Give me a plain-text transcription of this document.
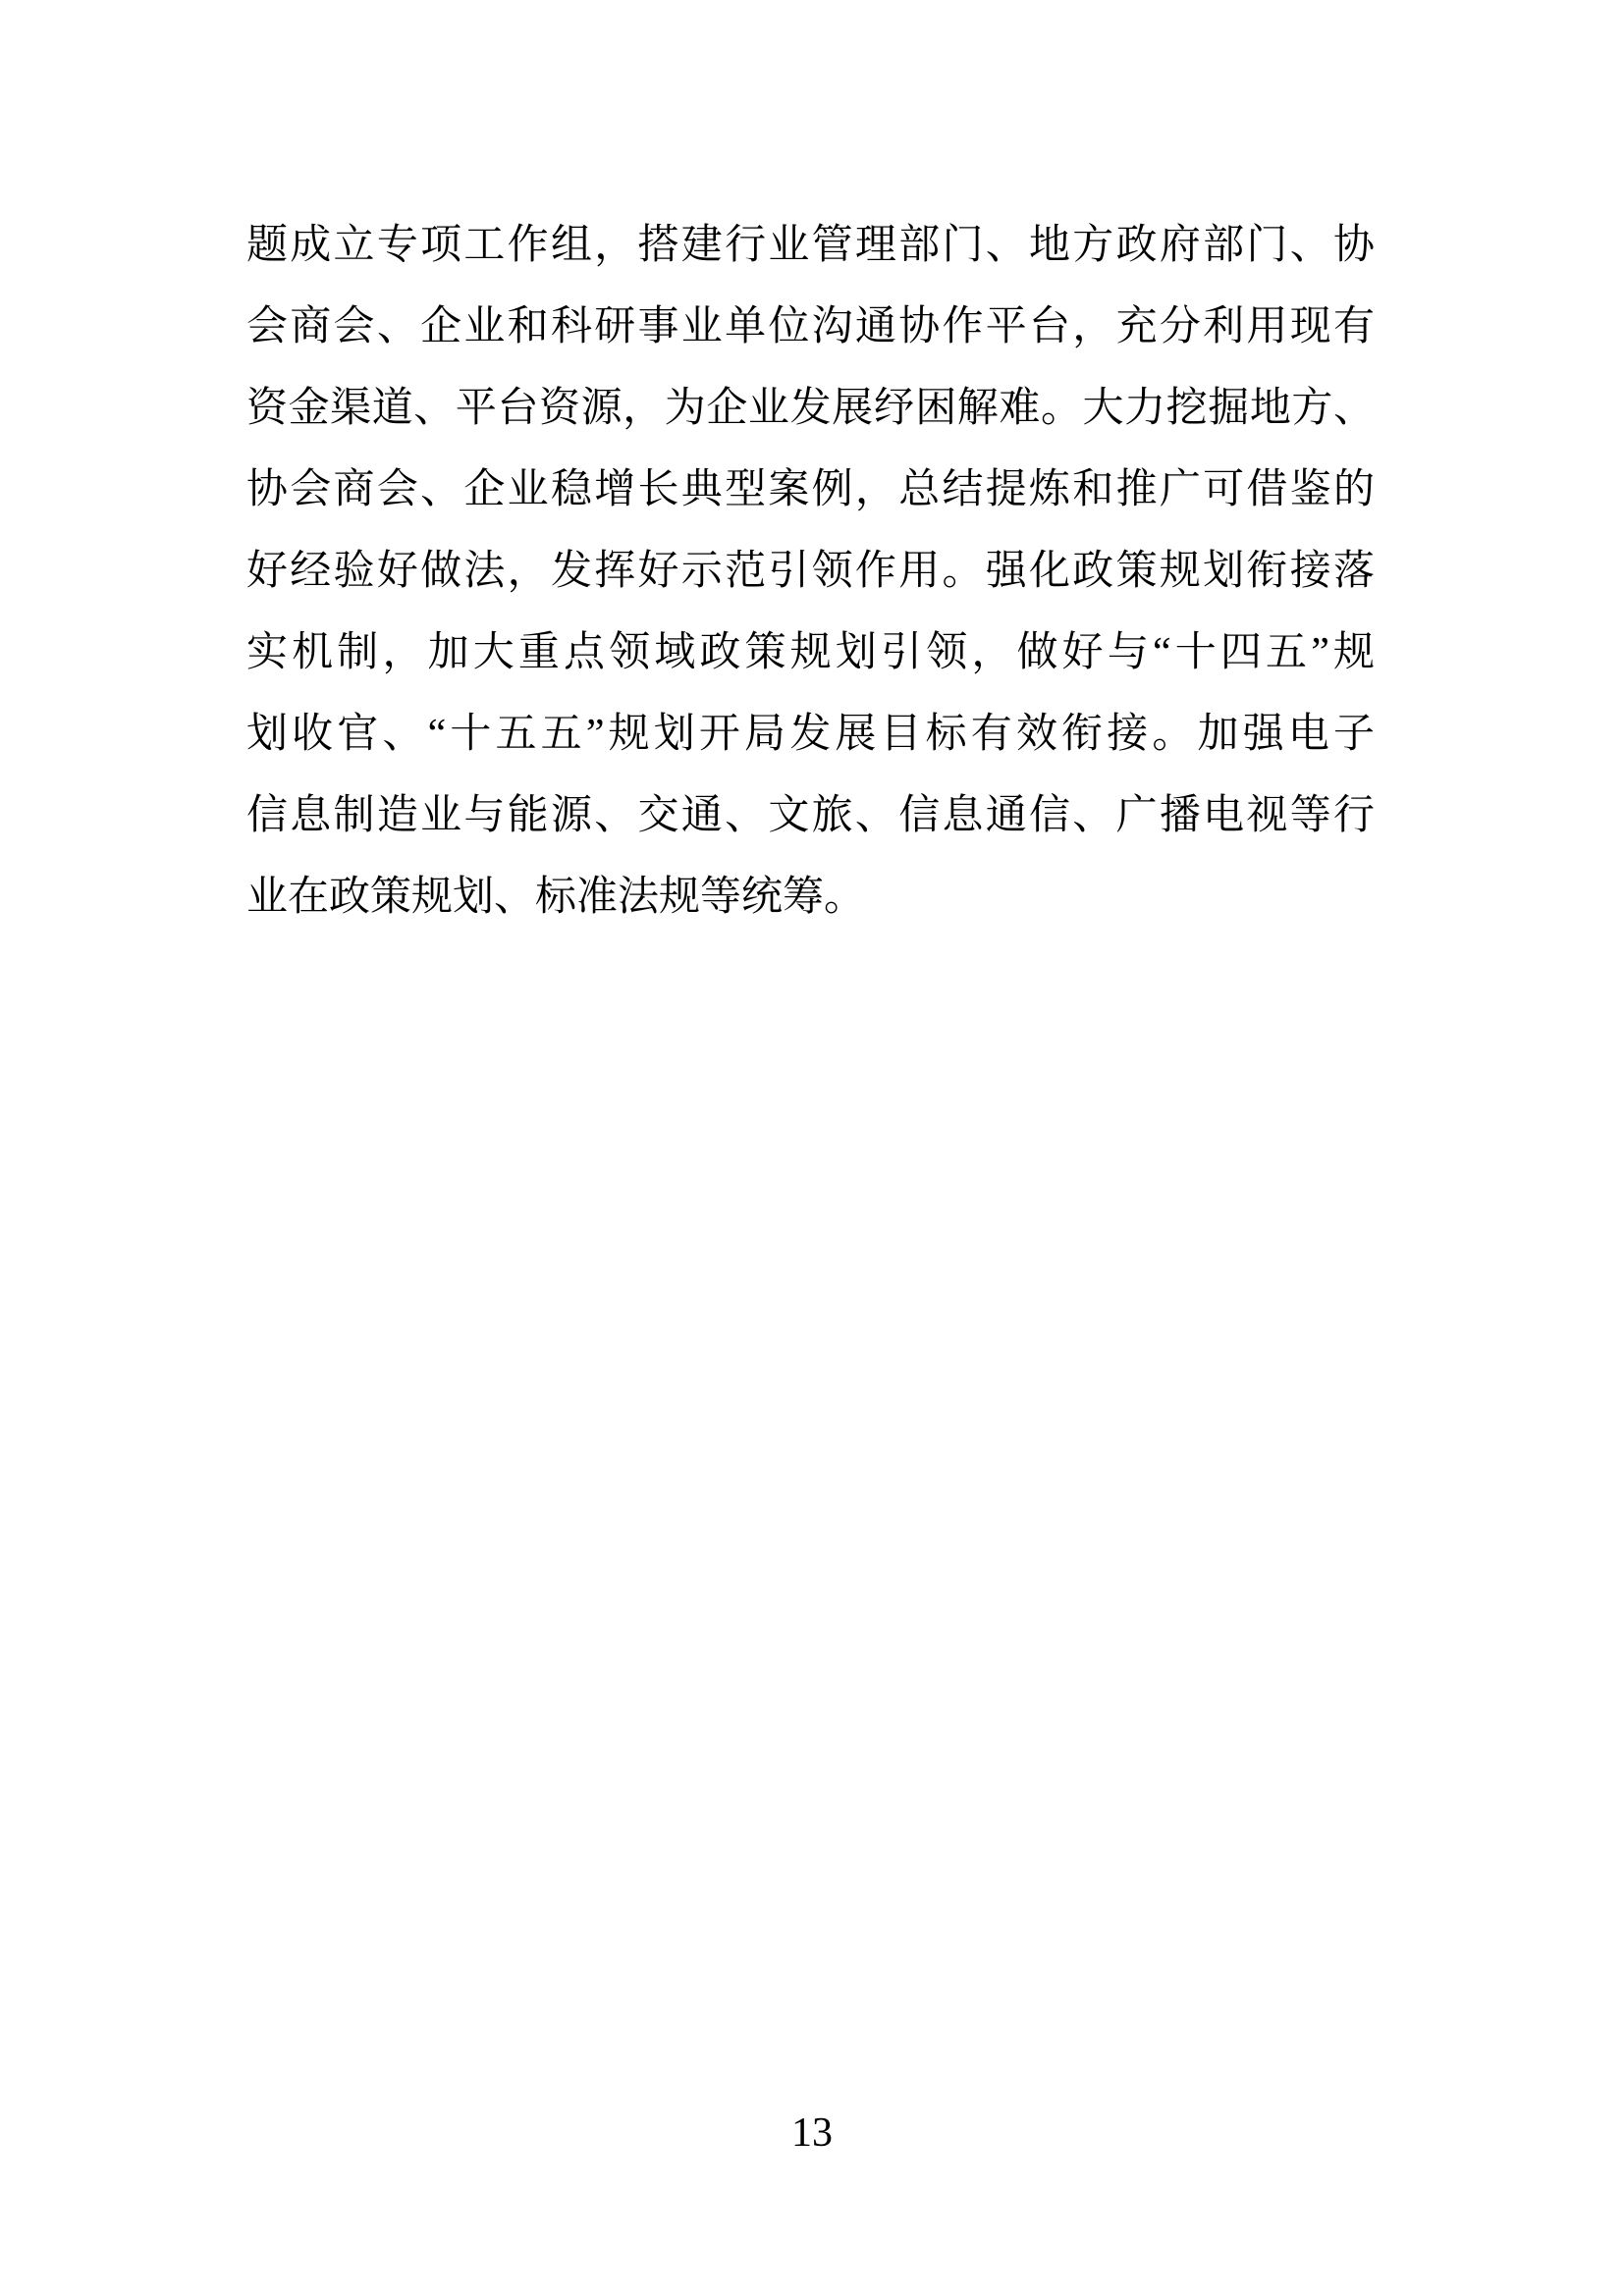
题成立专项工作组，搭建行业管理部门、地方政府部门、协
会商会、企业和科研事业单位沟通协作平台，充分利用现有
资金渠道、平台资源，为企业发展纾困解难。大力挖掘地方、
协会商会、企业稳增长典型案例，总结提炼和推广可借鉴的
好经验好做法，发挥好示范引领作用。强化政策规划衔接落
实机制，加大重点领域政策规划引领，做好与“十四五”规
划收官、“十五五”规划开局发展目标有效衔接。加强电子
信息制造业与能源、交通、文旅、信息通信、广播电视等行
业在政策规划、标准法规等统筹。
13
